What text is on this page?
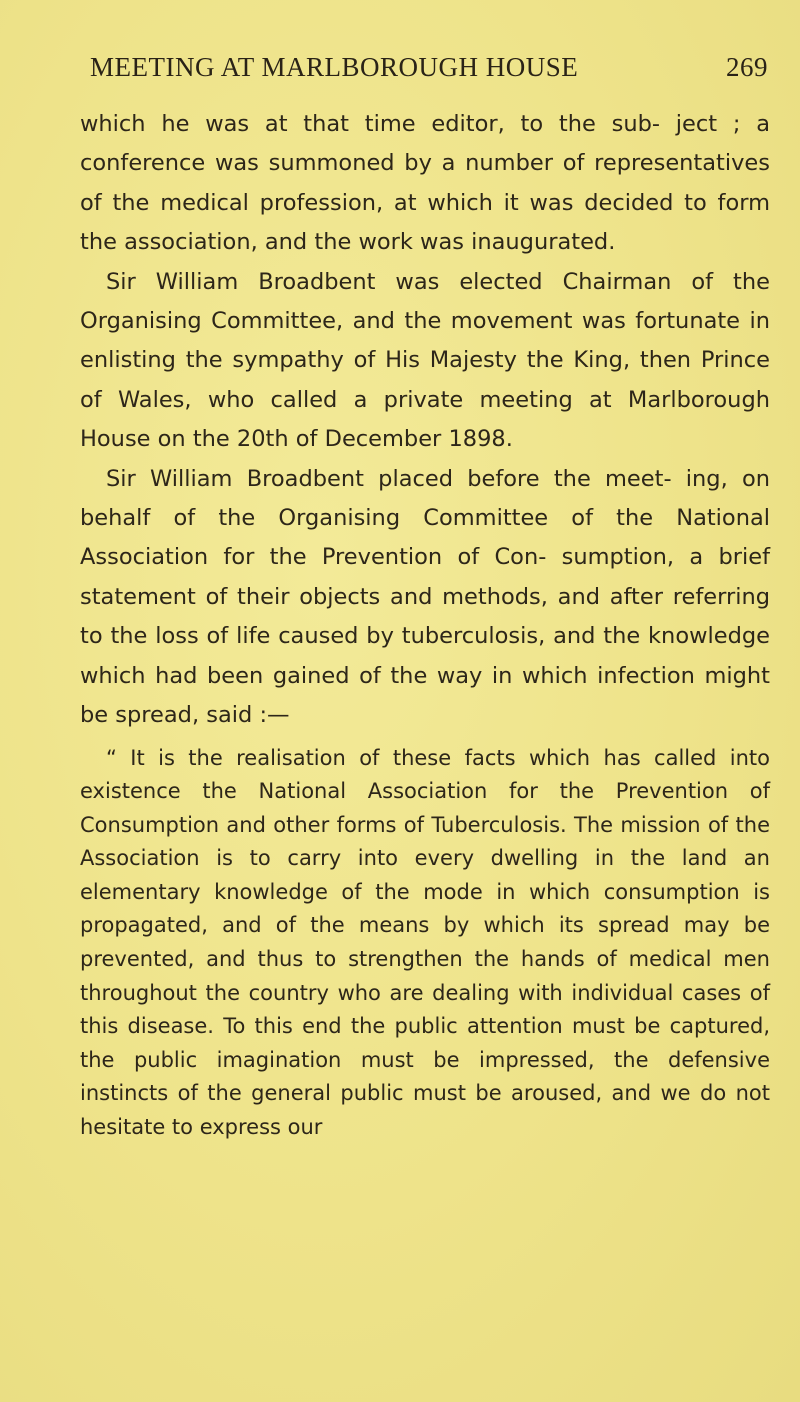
MEETING AT MARLBOROUGH HOUSE	269

which he was at that time editor, to the sub- ject ; a conference was summoned by a number of representatives of the medical profession, at which it was decided to form the association, and the work was inaugurated.

Sir William Broadbent was elected Chairman of the Organising Committee, and the movement was fortunate in enlisting the sympathy of His Majesty the King, then Prince of Wales, who called a private meeting at Marlborough House on the 20th of December 1898.

Sir William Broadbent placed before the meet- ing, on behalf of the Organising Committee of the National Association for the Prevention of Con- sumption, a brief statement of their objects and methods, and after referring to the loss of life caused by tuberculosis, and the knowledge which had been gained of the way in which infection might be spread, said :—

“ It is the realisation of these facts which has called into existence the National Association for the Prevention of Consumption and other forms of Tuberculosis. The mission of the Association is to carry into every dwelling in the land an elementary knowledge of the mode in which consumption is propagated, and of the means by which its spread may be prevented, and thus to strengthen the hands of medical men throughout the country who are dealing with individual cases of this disease. To this end the public attention must be captured, the public imagination must be impressed, the defensive instincts of the general public must be aroused, and we do not hesitate to express our
